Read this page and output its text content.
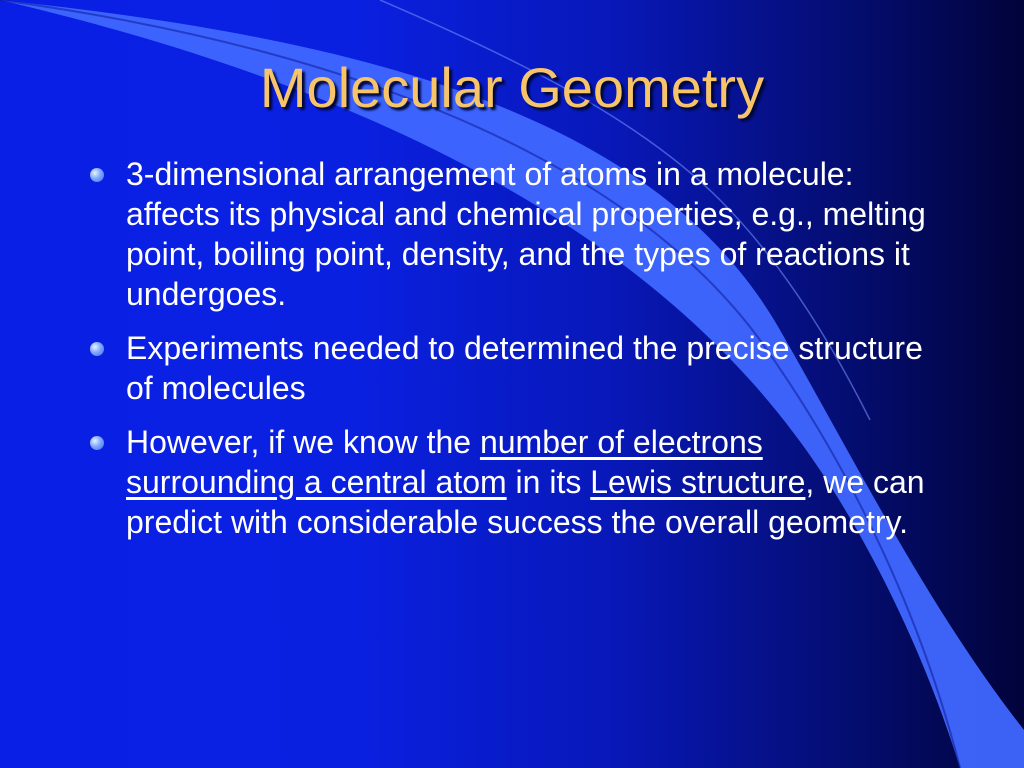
Molecular Geometry
3-dimensional arrangement of atoms in a molecule: affects its physical and chemical properties, e.g., melting point, boiling point, density, and the types of reactions it undergoes.
Experiments needed to determined the precise structure of molecules
However, if we know the number of electrons surrounding a central atom in its Lewis structure, we can predict with considerable success the overall geometry.
